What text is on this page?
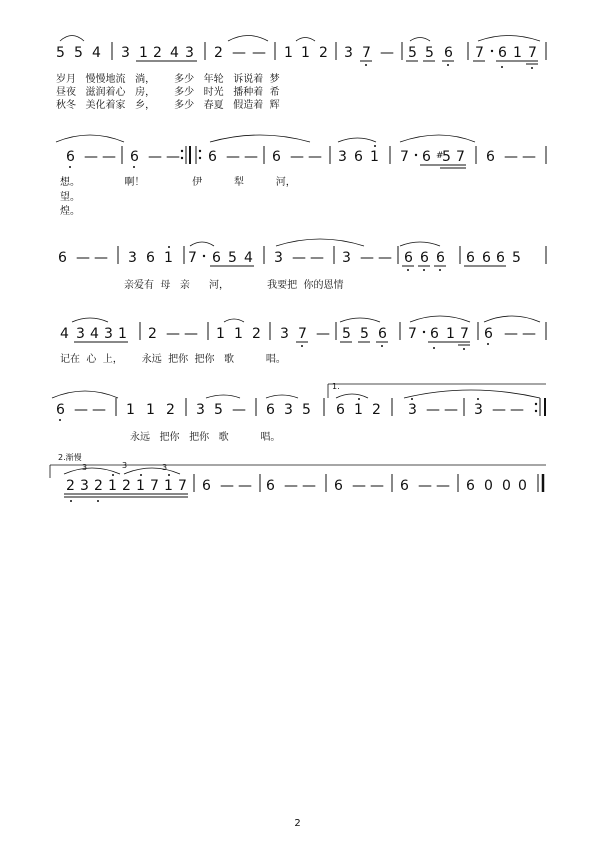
5 5 4 3 1 2 4 3 2 — — 1 1 2 3 7 — 5 5 6 7 6 1 7
6 — — 6 — — 6 — — 6 — — 3 6 1 7 6 #
5 7 6 — —
6 — — 3 6 1 7 6 5 4 3 — — 3 — — 6 6 6 6 6 6 5
4 3 4 3 1 2 — — 1 1 2 3 7 — 5 5 6 7 6 1 7 6 — —
6 — — 1 1 2 3 5 — 6 3 5 6 1 2 3 — — 3 — —
3	3	3
2 3 2 1 2 1 7 1 7 6 — — 6 — — 6 — — 6 — — 6 0 0 0
岁月   慢慢地流   淌，      多少   年轮   诉说着  梦
昼夜   滋润着心   房，      多少   时光   播种着  希
秋冬   美化着家   乡，      多少   春夏   假造着  辉
想。              啊！               伊          犁          河，
望。
煌。
亲爱有  母   亲      河，            我要把  你的恩情
记在  心  上，      永远  把你  把你   歌          唱。
永远   把你   把你   歌          唱。
2.渐慢
1.
2
